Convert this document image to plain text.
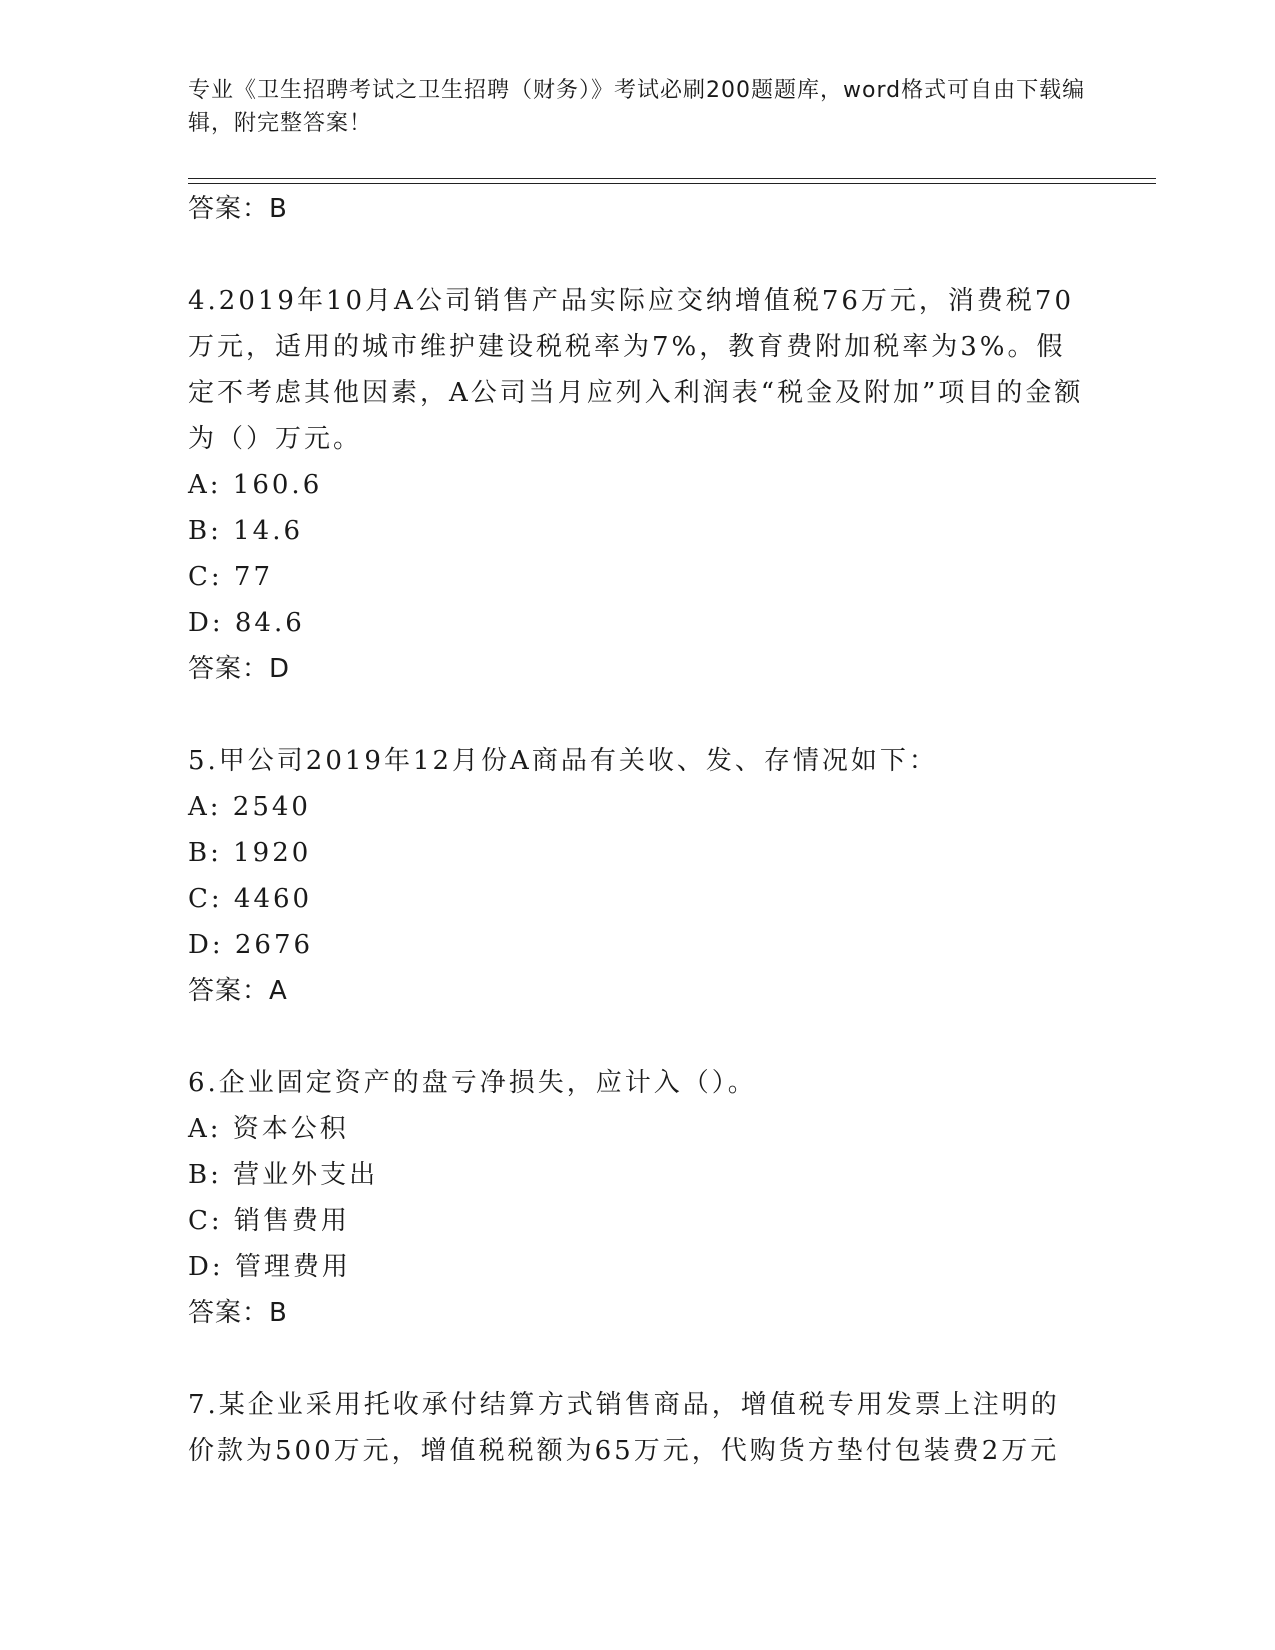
专业《卫生招聘考试之卫生招聘（财务）》考试必刷200题题库，word格式可自由下载编辑，附完整答案！
答案：B
4.2019年10月A公司销售产品实际应交纳增值税76万元，消费税70万元，适用的城市维护建设税税率为7%，教育费附加税率为3%。假定不考虑其他因素，A公司当月应列入利润表“税金及附加”项目的金额为（）万元。
A: 160.6
B: 14.6
C: 77
D: 84.6
答案：D
5.甲公司2019年12月份A商品有关收、发、存情况如下：
A: 2540
B: 1920
C: 4460
D: 2676
答案：A
6.企业固定资产的盘亏净损失，应计入（）。
A: 资本公积
B: 营业外支出
C: 销售费用
D: 管理费用
答案：B
7.某企业采用托收承付结算方式销售商品，增值税专用发票上注明的价款为500万元，增值税税额为65万元，代购货方垫付包装费2万元
